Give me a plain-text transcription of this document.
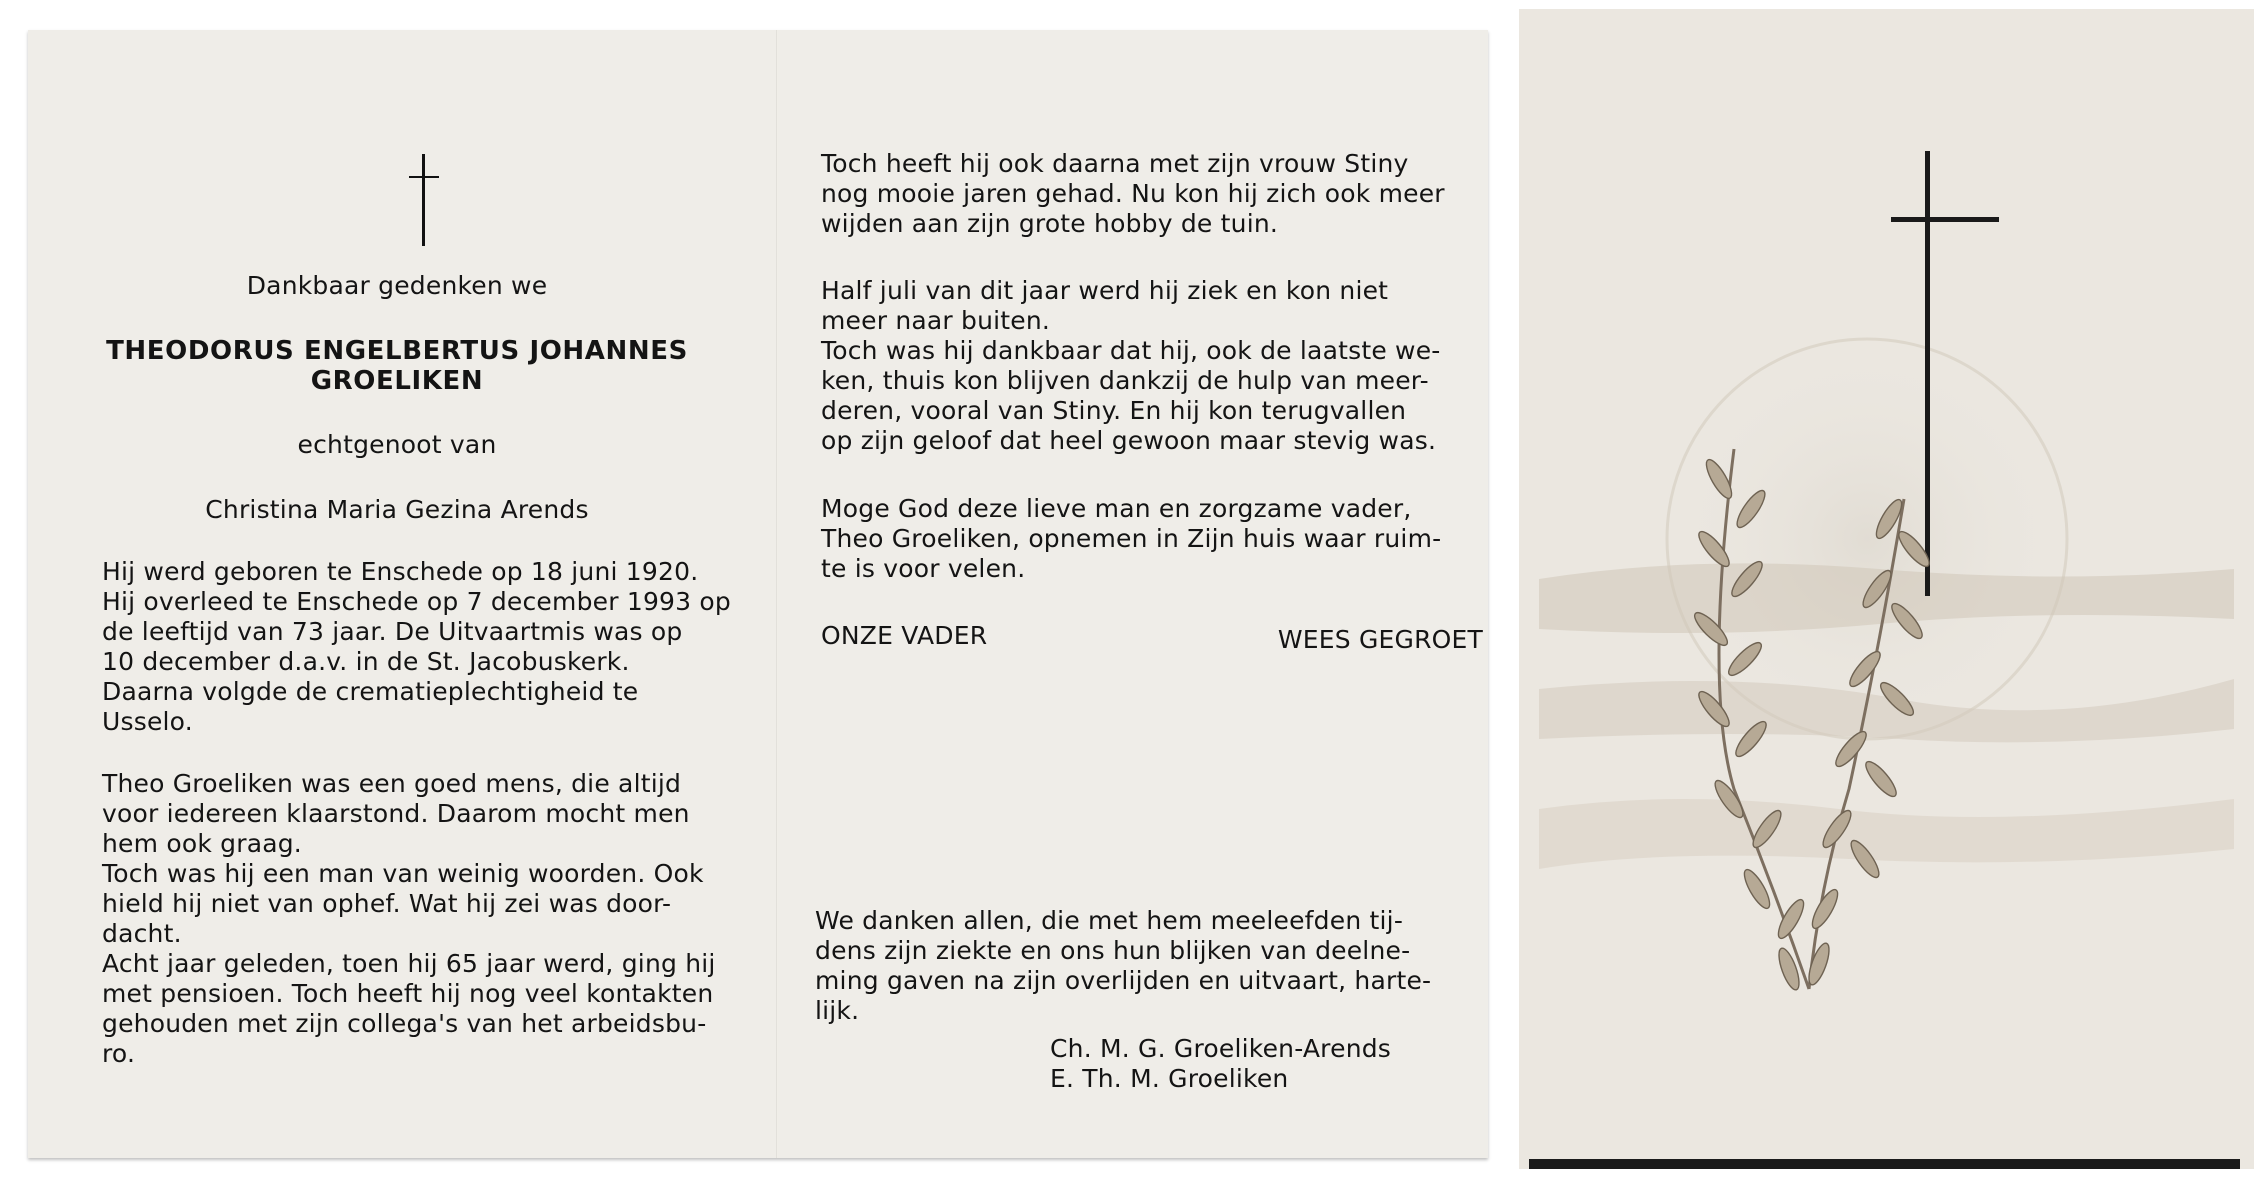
Dankbaar gedenken we

THEODORUS ENGELBERTUS JOHANNES

GROELIKEN

echtgenoot van

Christina Maria Gezina Arends

Hij werd geboren te Enschede op 18 juni 1920.
Hij overleed te Enschede op 7 december 1993 op
de leeftijd van 73 jaar. De Uitvaartmis was op
10 december d.a.v. in de St. Jacobuskerk.
Daarna volgde de crematieplechtigheid te
Usselo.
Theo Groeliken was een goed mens, die altijd
voor iedereen klaarstond. Daarom mocht men
hem ook graag.
Toch was hij een man van weinig woorden. Ook
hield hij niet van ophef. Wat hij zei was door-
dacht.
Acht jaar geleden, toen hij 65 jaar werd, ging hij
met pensioen. Toch heeft hij nog veel kontakten
gehouden met zijn collega's van het arbeidsbu-
ro.
Toch heeft hij ook daarna met zijn vrouw Stiny
nog mooie jaren gehad. Nu kon hij zich ook meer
wijden aan zijn grote hobby de tuin.
Half juli van dit jaar werd hij ziek en kon niet
meer naar buiten.
Toch was hij dankbaar dat hij, ook de laatste we-
ken, thuis kon blijven dankzij de hulp van meer-
deren, vooral van Stiny. En hij kon terugvallen
op zijn geloof dat heel gewoon maar stevig was.
Moge God deze lieve man en zorgzame vader,
Theo Groeliken, opnemen in Zijn huis waar ruim-
te is voor velen.
ONZE VADER	WEES GEGROET
We danken allen, die met hem meeleefden tij-
dens zijn ziekte en ons hun blijken van deelne-
ming gaven na zijn overlijden en uitvaart, harte-
lijk.
Ch. M. G. Groeliken-Arends
E. Th. M. Groeliken
